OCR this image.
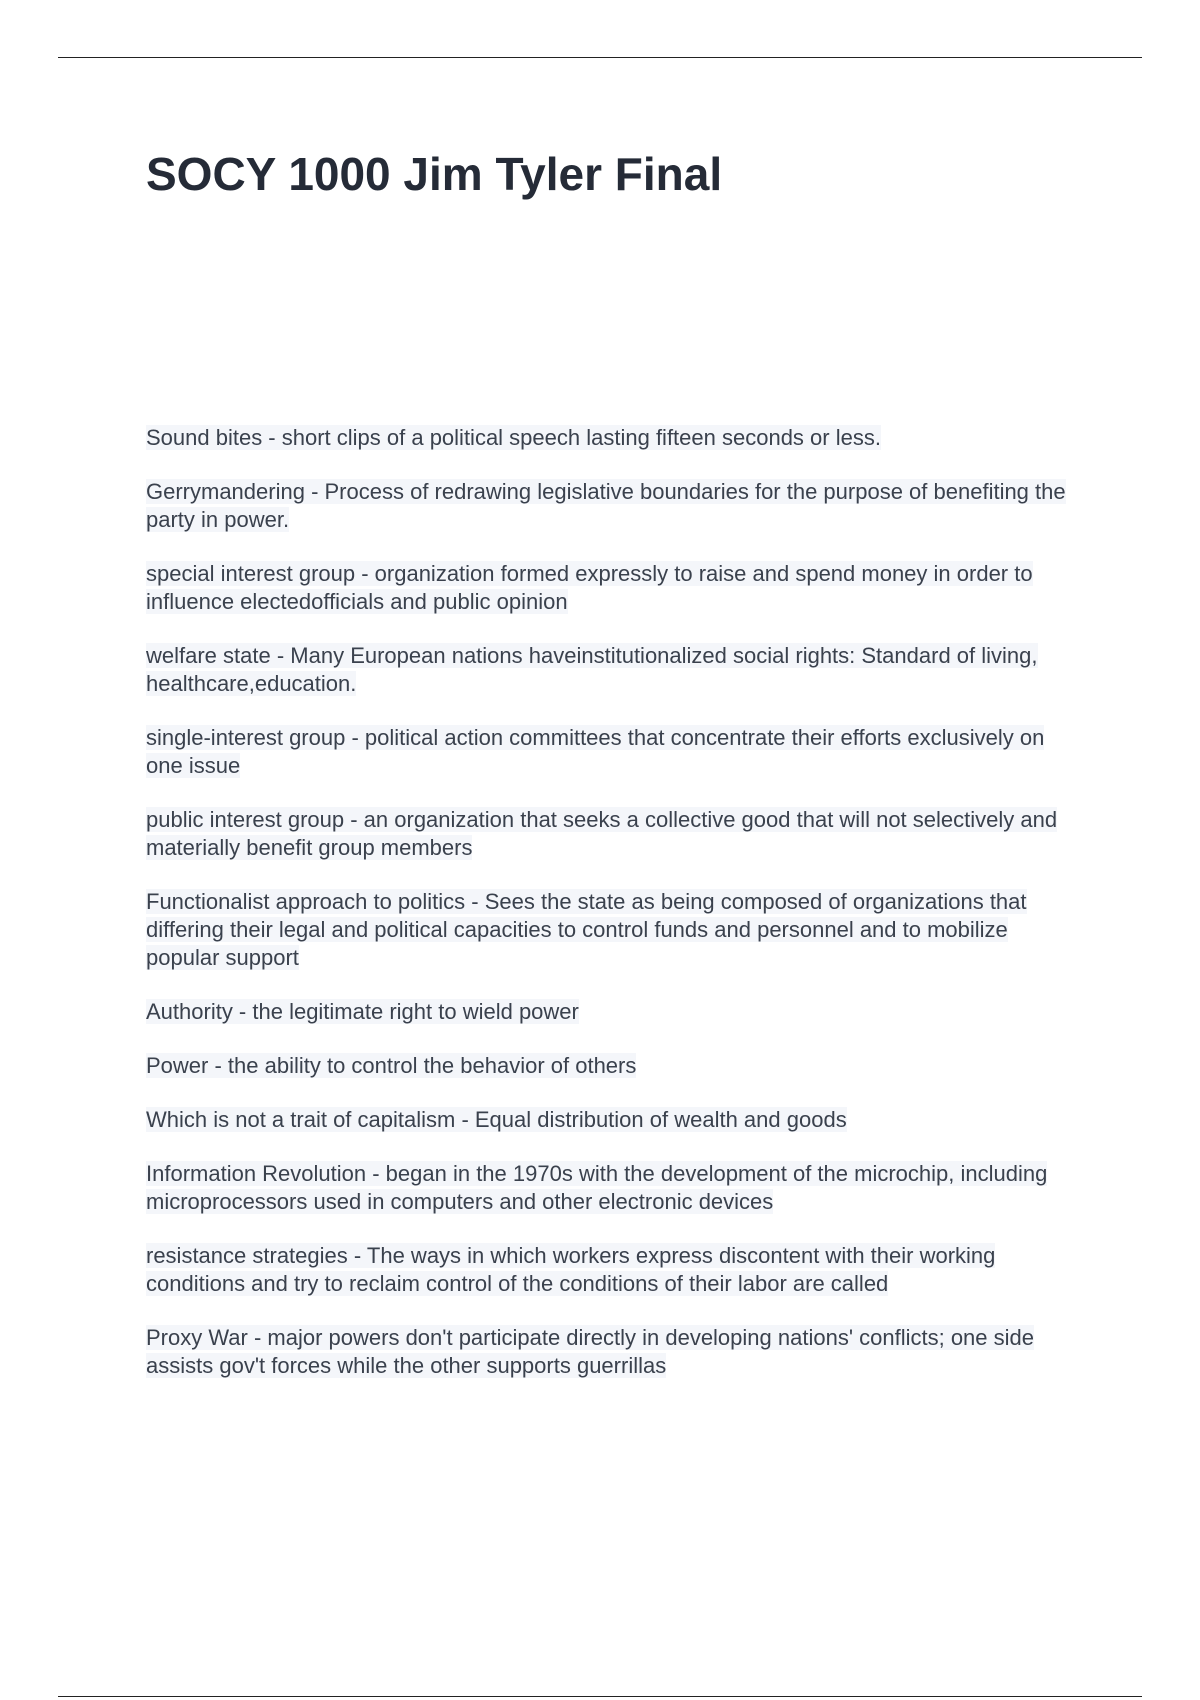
SOCY 1000 Jim Tyler Final
Sound bites - short clips of a political speech lasting fifteen seconds or less.
Gerrymandering - Process of redrawing legislative boundaries for the purpose of benefiting the party in power.
special interest group - organization formed expressly to raise and spend money in order to influence electedofficials and public opinion
welfare state - Many European nations haveinstitutionalized social rights: Standard of living, healthcare,education.
single-interest group - political action committees that concentrate their efforts exclusively on one issue
public interest group - an organization that seeks a collective good that will not selectively and materially benefit group members
Functionalist approach to politics - Sees the state as being composed of organizations that differing their legal and political capacities to control funds and personnel and to mobilize popular support
Authority - the legitimate right to wield power
Power - the ability to control the behavior of others
Which is not a trait of capitalism - Equal distribution of wealth and goods
Information Revolution - began in the 1970s with the development of the microchip, including microprocessors used in computers and other electronic devices
resistance strategies - The ways in which workers express discontent with their working conditions and try to reclaim control of the conditions of their labor are called
Proxy War - major powers don't participate directly in developing nations' conflicts; one side assists gov't forces while the other supports guerrillas
